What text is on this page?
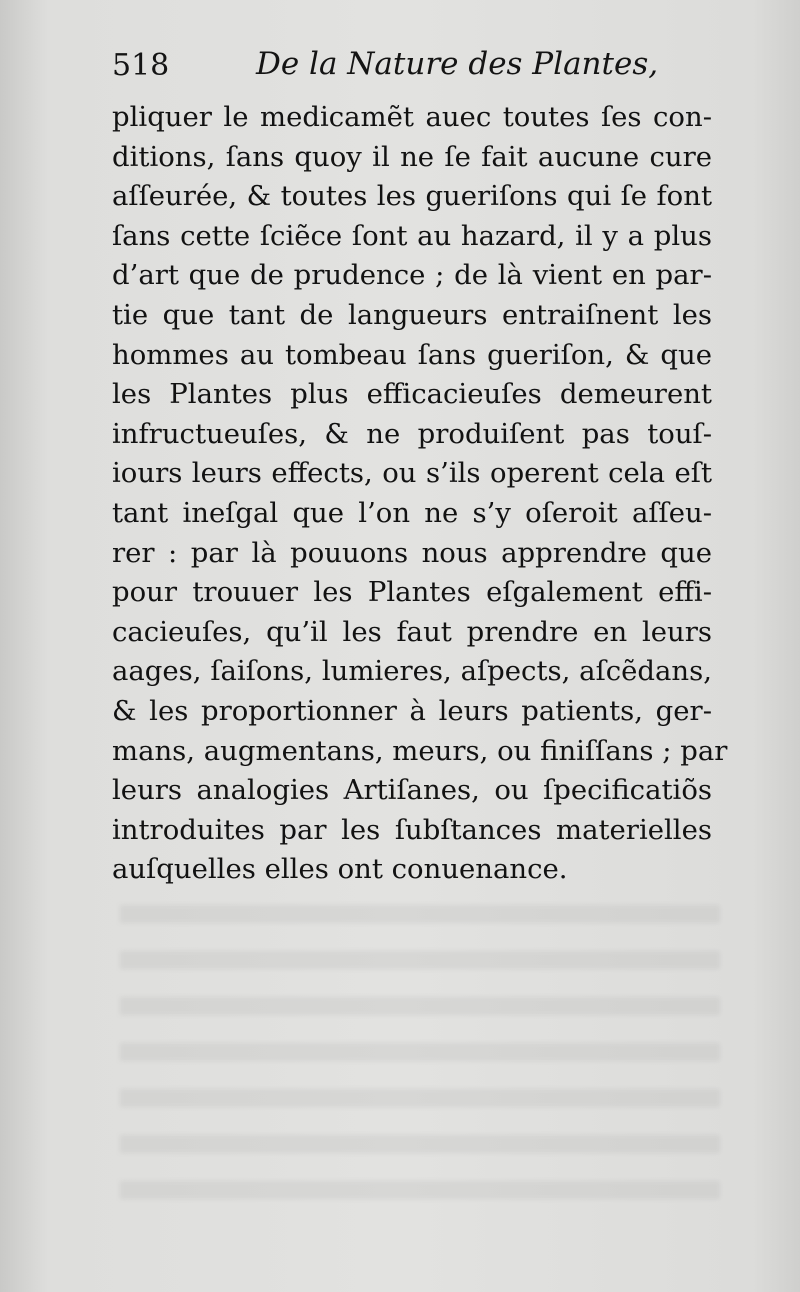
518	De la Nature des Plantes,
pliquer le medicamẽt auec toutes ſes con-
ditions, ſans quoy il ne ſe fait aucune cure
aſſeurée, & toutes les gueriſons qui ſe font
ſans cette ſciẽce ſont au hazard, il y a plus
d’art que de prudence ; de là vient en par-
tie que tant de langueurs entraiſnent les
hommes au tombeau ſans gueriſon, & que
les Plantes plus efficacieuſes demeurent
infructueuſes, & ne produiſent pas touſ-
iours leurs effects, ou s’ils operent cela eſt
tant ineſgal que l’on ne s’y oſeroit aſſeu-
rer : par là pouuons nous apprendre que
pour trouuer les Plantes eſgalement effi-
cacieuſes, qu’il les faut prendre en leurs
aages, ſaiſons, lumieres, aſpects, aſcẽdans,
& les proportionner à leurs patients, ger-
mans, augmentans, meurs, ou finiſſans ; par
leurs analogies Artiſanes, ou ſpecificatiõs
introduites par les ſubſtances materielles
auſquelles elles ont conuenance.
